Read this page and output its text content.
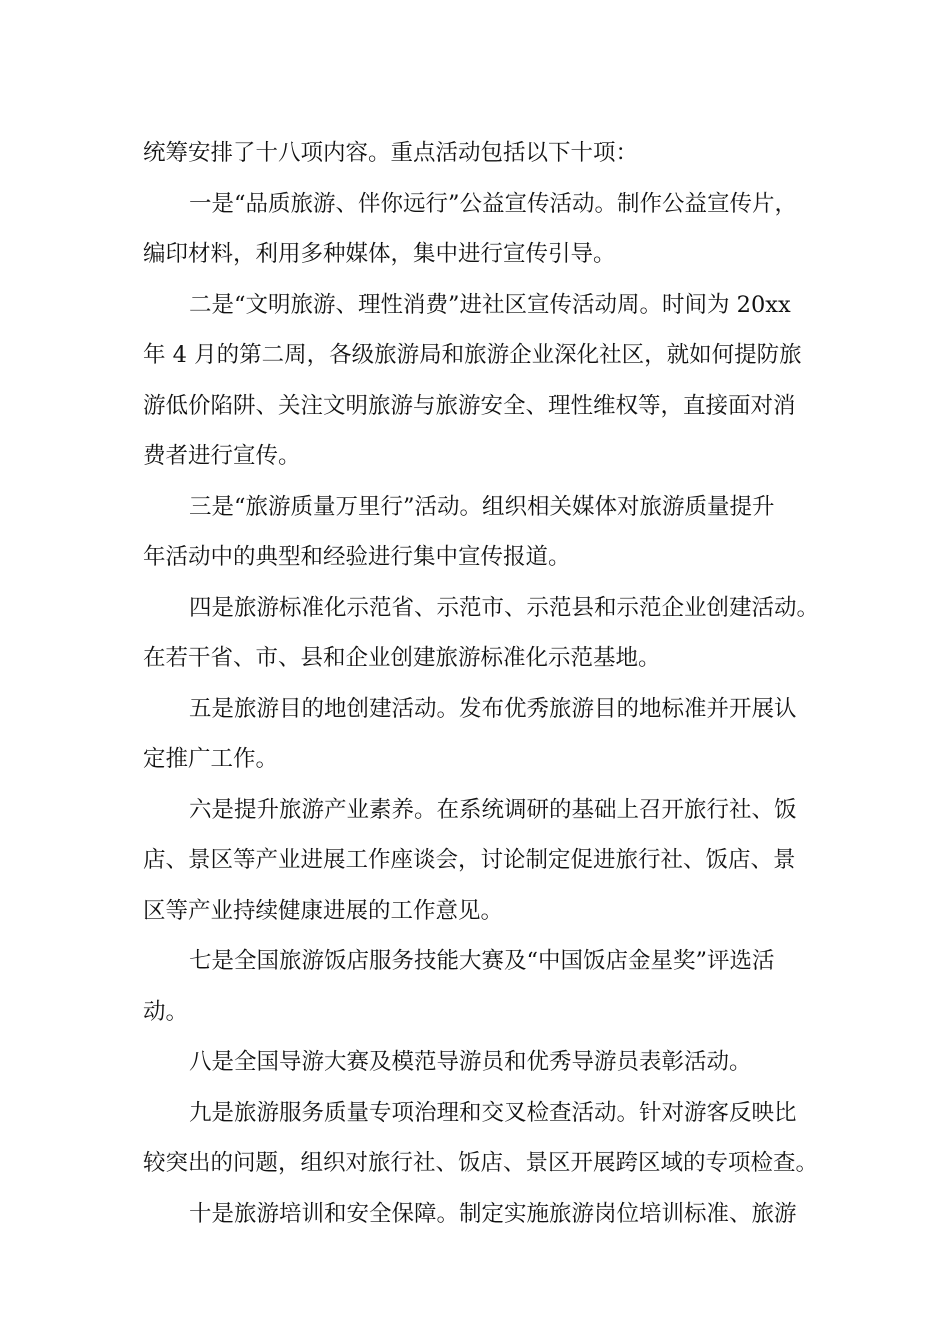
统筹安排了十八项内容。重点活动包括以下十项：
一是“品质旅游、伴你远行”公益宣传活动。制作公益宣传片，
编印材料，利用多种媒体，集中进行宣传引导。
二是“文明旅游、理性消费”进社区宣传活动周。时间为 20xx
年 4 月的第二周，各级旅游局和旅游企业深化社区，就如何提防旅
游低价陷阱、关注文明旅游与旅游安全、理性维权等，直接面对消
费者进行宣传。
三是“旅游质量万里行”活动。组织相关媒体对旅游质量提升
年活动中的典型和经验进行集中宣传报道。
四是旅游标准化示范省、示范市、示范县和示范企业创建活动。
在若干省、市、县和企业创建旅游标准化示范基地。
五是旅游目的地创建活动。发布优秀旅游目的地标准并开展认
定推广工作。
六是提升旅游产业素养。在系统调研的基础上召开旅行社、饭
店、景区等产业进展工作座谈会，讨论制定促进旅行社、饭店、景
区等产业持续健康进展的工作意见。
七是全国旅游饭店服务技能大赛及“中国饭店金星奖”评选活
动。
八是全国导游大赛及模范导游员和优秀导游员表彰活动。
九是旅游服务质量专项治理和交叉检查活动。针对游客反映比
较突出的问题，组织对旅行社、饭店、景区开展跨区域的专项检查。
十是旅游培训和安全保障。制定实施旅游岗位培训标准、旅游
